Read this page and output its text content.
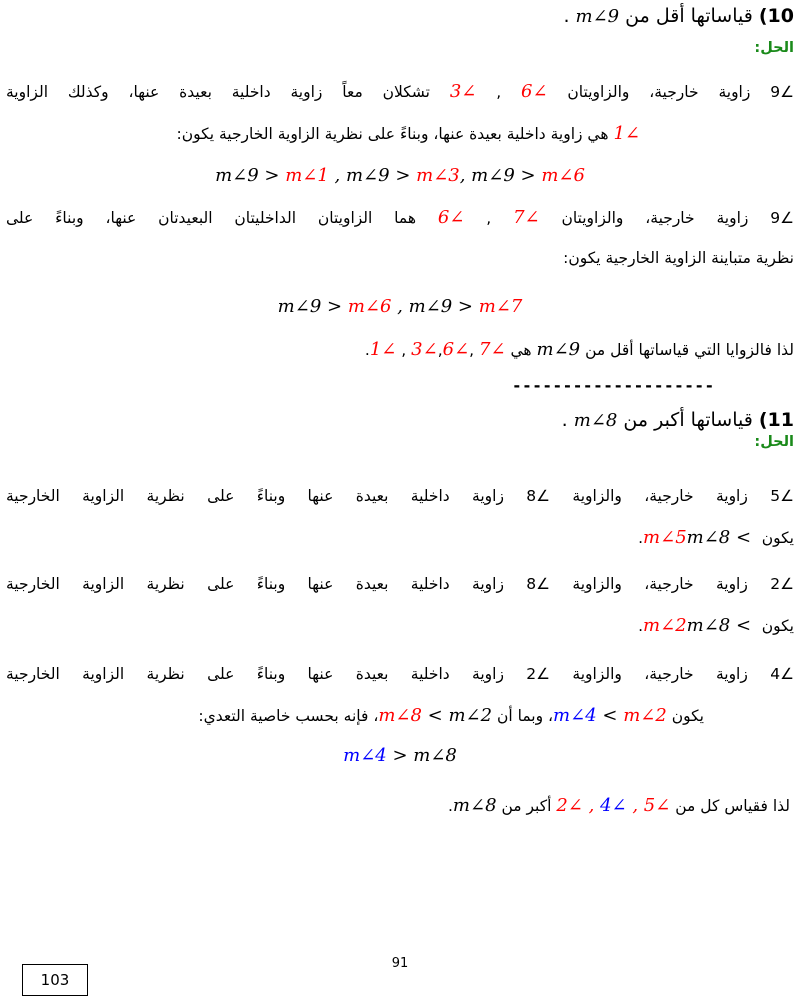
10) قياساتها أقل من m∠9 .
الحل:
∠9 زاوية خارجية، والزاويتان ∠6 , ∠3 تشكلان معاً زاوية داخلية بعيدة عنها، وكذلك الزاوية
∠1 هي زاوية داخلية بعيدة عنها، وبناءً على نظرية الزاوية الخارجية يكون:
m∠9 > m∠1 , m∠9 > m∠3, m∠9 > m∠6
∠9 زاوية خارجية، والزاويتان ∠7 , ∠6 هما الزاويتان الداخليتان البعيدتان عنها، وبناءً على
نظرية متباينة الزاوية الخارجية يكون:
m∠9 > m∠6 , m∠9 > m∠7
لذا فالزوايا التي قياساتها أقل من m∠9 هي ∠7 ,∠6,∠3 , ∠1.
--------------------
11) قياساتها أكبر من m∠8 .
الحل:
∠5 زاوية خارجية، والزاوية ∠8 زاوية داخلية بعيدة عنها وبناءً على نظرية الزاوية الخارجية
يكون m∠5m∠8 < .
∠2 زاوية خارجية، والزاوية ∠8 زاوية داخلية بعيدة عنها وبناءً على نظرية الزاوية الخارجية
يكون m∠2m∠8 < .
∠4 زاوية خارجية، والزاوية ∠2 زاوية داخلية بعيدة عنها وبناءً على نظرية الزاوية الخارجية
يكون m∠4 < m∠2، وبما أن m∠8 < m∠2، فإنه بحسب خاصية التعدي:
m∠4 > m∠8
لذا فقياس كل من ∠5 , ∠4 , ∠2 أكبر من m∠8.
91
103
